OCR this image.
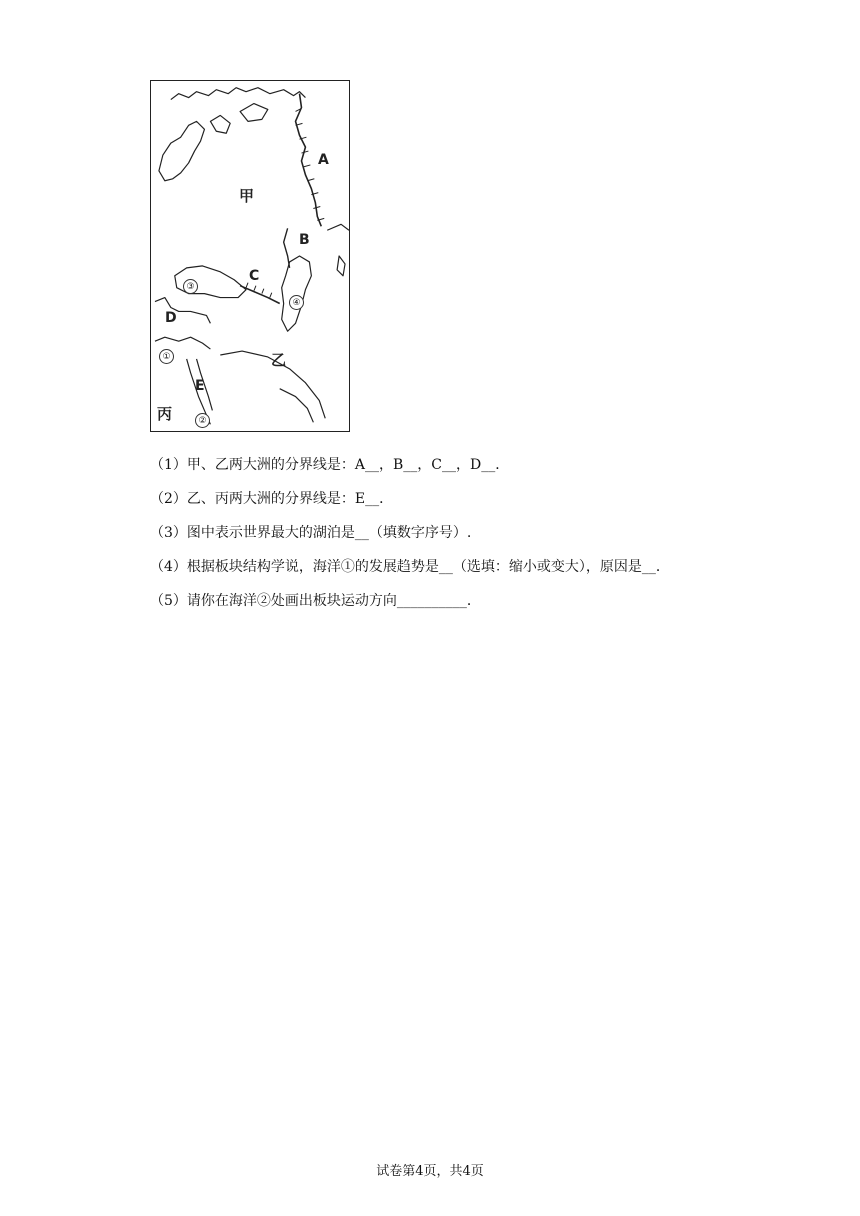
甲
乙
丙
A
B
C
D
E
①
②
③
④
（1）甲、乙两大洲的分界线是：A__，B__，C__，D__．
（2）乙、丙两大洲的分界线是：E__．
（3）图中表示世界最大的湖泊是__（填数字序号）.
（4）根据板块结构学说，海洋①的发展趋势是__（选填：缩小或变大），原因是__．
（5）请你在海洋②处画出板块运动方向__________．
试卷第4页，共4页
